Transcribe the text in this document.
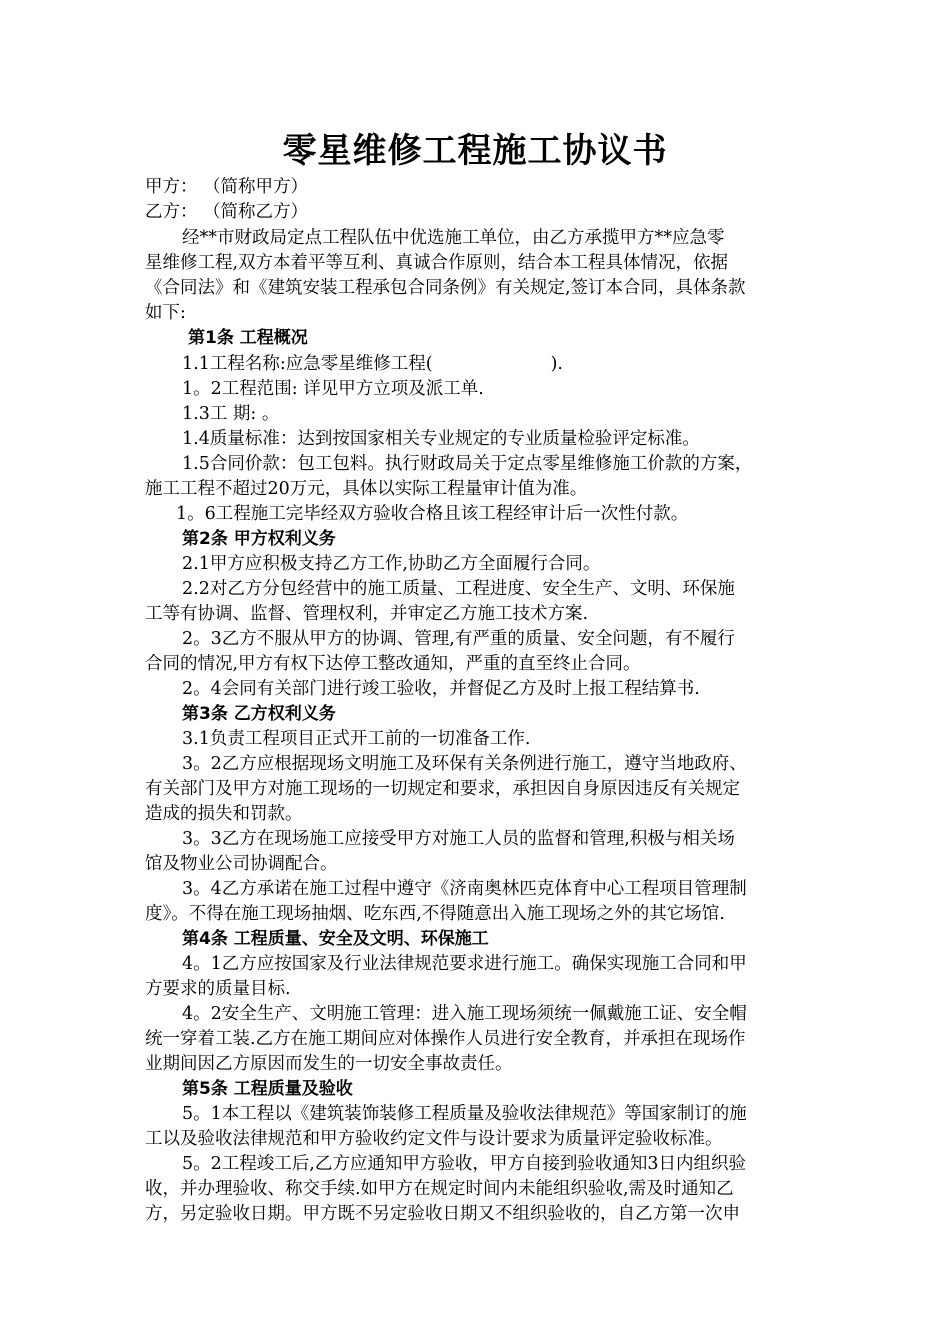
零星维修工程施工协议书
甲方： （简称甲方）
乙方： （简称乙方）
经**市财政局定点工程队伍中优选施工单位，由乙方承揽甲方**应急零
星维修工程,双方本着平等互利、真诚合作原则，结合本工程具体情况，依据
《合同法》和《建筑安装工程承包合同条例》有关规定,签订本合同，具体条款
如下:
第1条 工程概况
1.1工程名称:应急零星维修工程(	).
1。2工程范围: 详见甲方立项及派工单.
1.3工 期: 。
1.4质量标准：达到按国家相关专业规定的专业质量检验评定标准。
1.5合同价款：包工包料。执行财政局关于定点零星维修施工价款的方案，
施工工程不超过20万元，具体以实际工程量审计值为准。
1。6工程施工完毕经双方验收合格且该工程经审计后一次性付款。
第2条 甲方权利义务
2.1甲方应积极支持乙方工作,协助乙方全面履行合同。
2.2对乙方分包经营中的施工质量、工程进度、安全生产、文明、环保施
工等有协调、监督、管理权利，并审定乙方施工技术方案.
2。3乙方不服从甲方的协调、管理,有严重的质量、安全问题，有不履行
合同的情况,甲方有权下达停工整改通知，严重的直至终止合同。
2。4会同有关部门进行竣工验收，并督促乙方及时上报工程结算书.
第3条 乙方权利义务
3.1负责工程项目正式开工前的一切准备工作.
3。2乙方应根据现场文明施工及环保有关条例进行施工，遵守当地政府、
有关部门及甲方对施工现场的一切规定和要求，承担因自身原因违反有关规定
造成的损失和罚款。
3。3乙方在现场施工应接受甲方对施工人员的监督和管理,积极与相关场
馆及物业公司协调配合。
3。4乙方承诺在施工过程中遵守《济南奥林匹克体育中心工程项目管理制
度》。不得在施工现场抽烟、吃东西,不得随意出入施工现场之外的其它场馆.
第4条 工程质量、安全及文明、环保施工
4。1乙方应按国家及行业法律规范要求进行施工。确保实现施工合同和甲
方要求的质量目标.
4。2安全生产、文明施工管理：进入施工现场须统一佩戴施工证、安全帽
统一穿着工装.乙方在施工期间应对体操作人员进行安全教育，并承担在现场作
业期间因乙方原因而发生的一切安全事故责任。
第5条 工程质量及验收
5。1本工程以《建筑装饰装修工程质量及验收法律规范》等国家制订的施
工以及验收法律规范和甲方验收约定文件与设计要求为质量评定验收标准。
5。2工程竣工后,乙方应通知甲方验收，甲方自接到验收通知3日内组织验
收，并办理验收、称交手续.如甲方在规定时间内未能组织验收,需及时通知乙
方，另定验收日期。甲方既不另定验收日期又不组织验收的，自乙方第一次申
